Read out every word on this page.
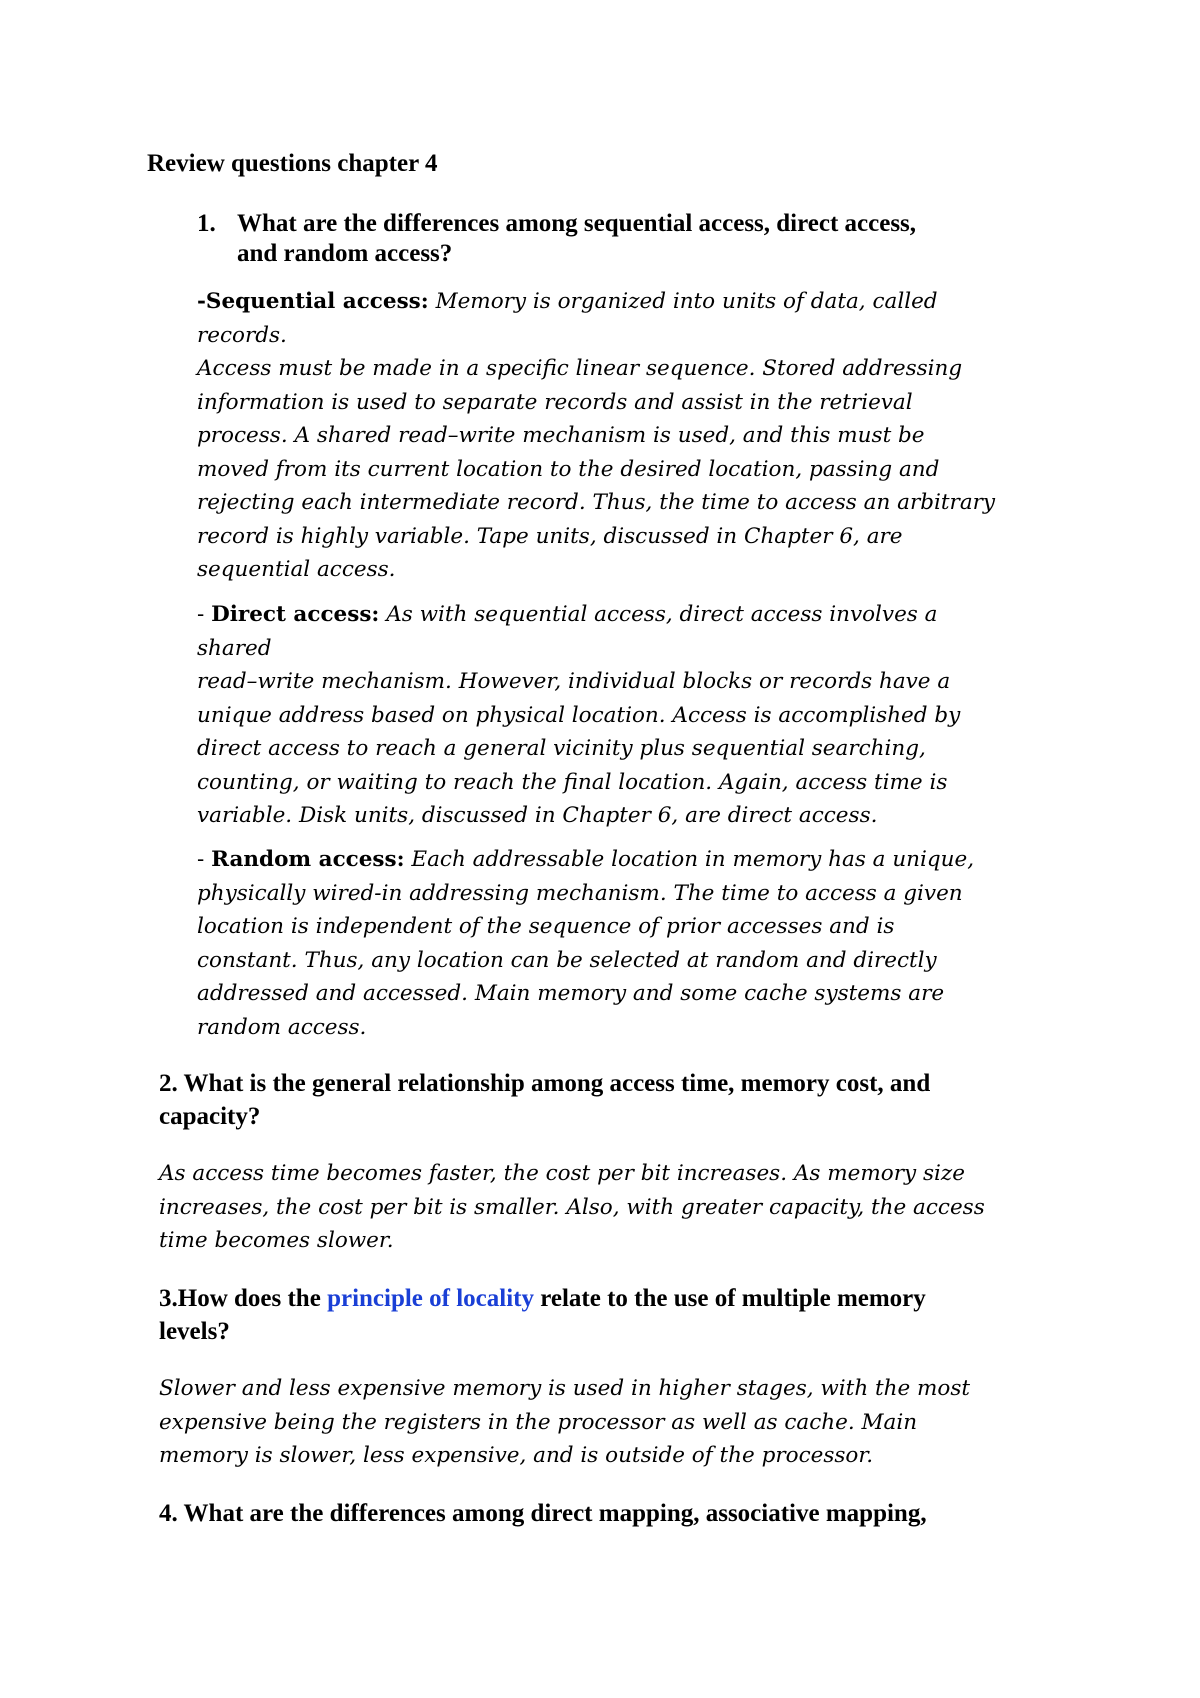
Review questions chapter 4
1. What are the differences among sequential access, direct access,
and random access?
-Sequential access: Memory is organized into units of data, called
records.
Access must be made in a specific linear sequence. Stored addressing
information is used to separate records and assist in the retrieval
process. A shared read–write mechanism is used, and this must be
moved from its current location to the desired location, passing and
rejecting each intermediate record. Thus, the time to access an arbitrary
record is highly variable. Tape units, discussed in Chapter 6, are
sequential access.
- Direct access: As with sequential access, direct access involves a
shared
read–write mechanism. However, individual blocks or records have a
unique address based on physical location. Access is accomplished by
direct access to reach a general vicinity plus sequential searching,
counting, or waiting to reach the final location. Again, access time is
variable. Disk units, discussed in Chapter 6, are direct access.
- Random access: Each addressable location in memory has a unique,
physically wired-in addressing mechanism. The time to access a given
location is independent of the sequence of prior accesses and is
constant. Thus, any location can be selected at random and directly
addressed and accessed. Main memory and some cache systems are
random access.
2. What is the general relationship among access time, memory cost, and
capacity?
As access time becomes faster, the cost per bit increases. As memory size
increases, the cost per bit is smaller. Also, with greater capacity, the access
time becomes slower.
3.How does the principle of locality relate to the use of multiple memory
levels?
Slower and less expensive memory is used in higher stages, with the most
expensive being the registers in the processor as well as cache. Main
memory is slower, less expensive, and is outside of the processor.
4. What are the differences among direct mapping, associative mapping,
